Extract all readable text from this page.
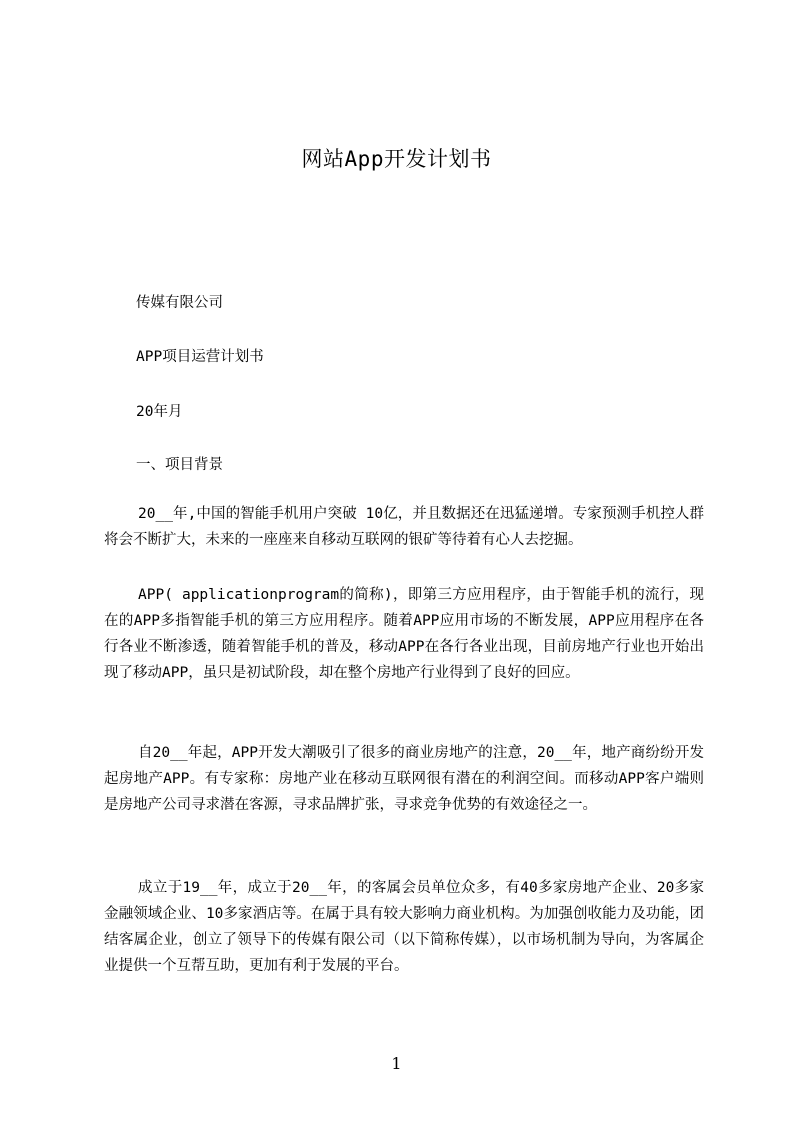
网站App开发计划书
传媒有限公司
APP项目运营计划书
20年月
一、项目背景

20__年,中国的智能手机用户突破 10亿，并且数据还在迅猛递增。专家预测手机控人群将会不断扩大，未来的一座座来自移动互联网的银矿等待着有心人去挖掘。

APP( applicationprogram的简称)，即第三方应用程序，由于智能手机的流行，现在的APP多指智能手机的第三方应用程序。随着APP应用市场的不断发展，APP应用程序在各行各业不断渗透，随着智能手机的普及，移动APP在各行各业出现，目前房地产行业也开始出现了移动APP，虽只是初试阶段，却在整个房地产行业得到了良好的回应。

自20__年起，APP开发大潮吸引了很多的商业房地产的注意，20__年，地产商纷纷开发起房地产APP。有专家称：房地产业在移动互联网很有潜在的利润空间。而移动APP客户端则是房地产公司寻求潜在客源，寻求品牌扩张，寻求竞争优势的有效途径之一。

成立于19__年，成立于20__年，的客属会员单位众多，有40多家房地产企业、20多家金融领域企业、10多家酒店等。在属于具有较大影响力商业机构。为加强创收能力及功能，团结客属企业，创立了领导下的传媒有限公司（以下简称传媒），以市场机制为导向，为客属企业提供一个互帮互助，更加有利于发展的平台。

1
